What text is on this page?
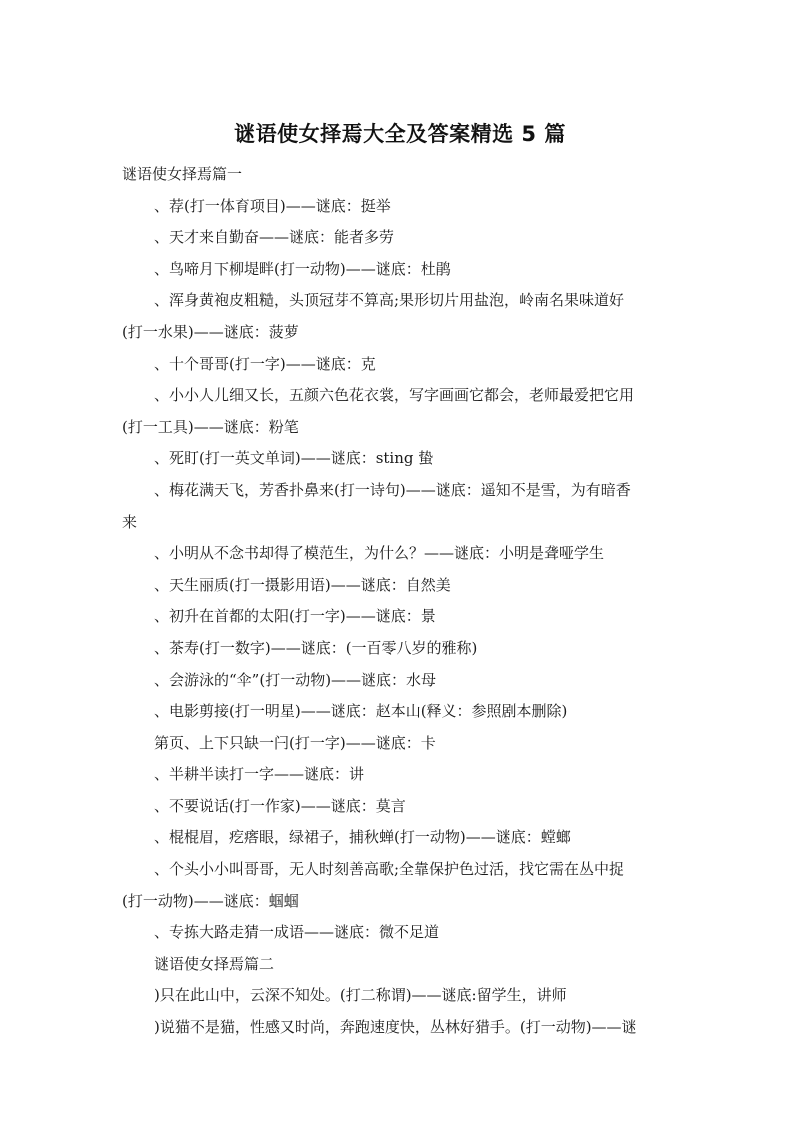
谜语使女择焉大全及答案精选 5 篇
谜语使女择焉篇一
、荐(打一体育项目)——谜底：挺举
、天才来自勤奋——谜底：能者多劳
、鸟啼月下柳堤畔(打一动物)——谜底：杜鹃
、浑身黄袍皮粗糙，头顶冠芽不算高;果形切片用盐泡，岭南名果味道好
(打一水果)——谜底：菠萝
、十个哥哥(打一字)——谜底：克
、小小人儿细又长，五颜六色花衣裳，写字画画它都会，老师最爱把它用
(打一工具)——谜底：粉笔
、死盯(打一英文单词)——谜底：sting 蛰
、梅花满天飞，芳香扑鼻来(打一诗句)——谜底：遥知不是雪，为有暗香
来
、小明从不念书却得了模范生，为什么？——谜底：小明是聋哑学生
、天生丽质(打一摄影用语)——谜底：自然美
、初升在首都的太阳(打一字)——谜底：景
、茶寿(打一数字)——谜底：(一百零八岁的雅称)
、会游泳的“伞”(打一动物)——谜底：水母
、电影剪接(打一明星)——谜底：赵本山(释义：参照剧本删除)
第页、上下只缺一闩(打一字)——谜底：卡
、半耕半读打一字——谜底：讲
、不要说话(打一作家)——谜底：莫言
、棍棍眉，疙瘩眼，绿裙子，捕秋蝉(打一动物)——谜底：螳螂
、个头小小叫哥哥，无人时刻善高歌;全靠保护色过活，找它需在丛中捉
(打一动物)——谜底：蝈蝈
、专拣大路走猜一成语——谜底：微不足道
谜语使女择焉篇二
)只在此山中，云深不知处。(打二称谓)——谜底:留学生，讲师
)说猫不是猫，性感又时尚，奔跑速度快，丛林好猎手。(打一动物)——谜
